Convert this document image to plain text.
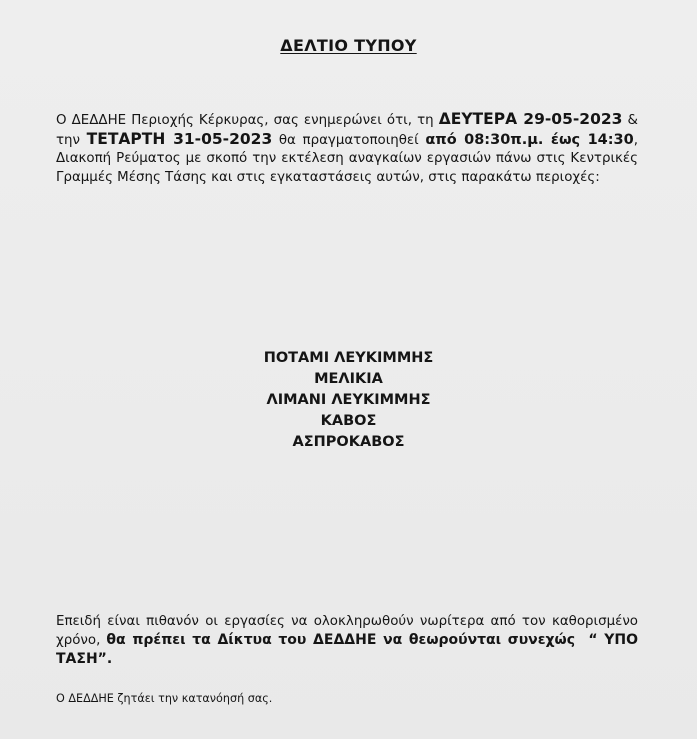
ΔΕΛΤΙΟ ΤΥΠΟΥ

Ο ΔΕΔΔΗΕ Περιοχής Κέρκυρας, σας ενημερώνει ότι, τη ΔΕΥΤΕΡΑ 29-05-2023 & την ΤΕΤΑΡΤΗ 31-05-2023 θα πραγματοποιηθεί από 08:30π.μ. έως 14:30, Διακοπή Ρεύματος με σκοπό την εκτέλεση αναγκαίων εργασιών πάνω στις Κεντρικές Γραμμές Μέσης Τάσης και στις εγκαταστάσεις αυτών, στις παρακάτω περιοχές:

ΠΟΤΑΜΙ ΛΕΥΚΙΜΜΗΣ
ΜΕΛΙΚΙΑ
ΛΙΜΑΝΙ ΛΕΥΚΙΜΜΗΣ
ΚΑΒΟΣ
ΑΣΠΡΟΚΑΒΟΣ

Επειδή είναι πιθανόν οι εργασίες να ολοκληρωθούν νωρίτερα από τον καθορισμένο χρόνο, θα πρέπει τα Δίκτυα του ΔΕΔΔΗΕ να θεωρούνται συνεχώς  “ ΥΠΟ ΤΑΣΗ”.

Ο ΔΕΔΔΗΕ ζητάει την κατανόησή σας.
